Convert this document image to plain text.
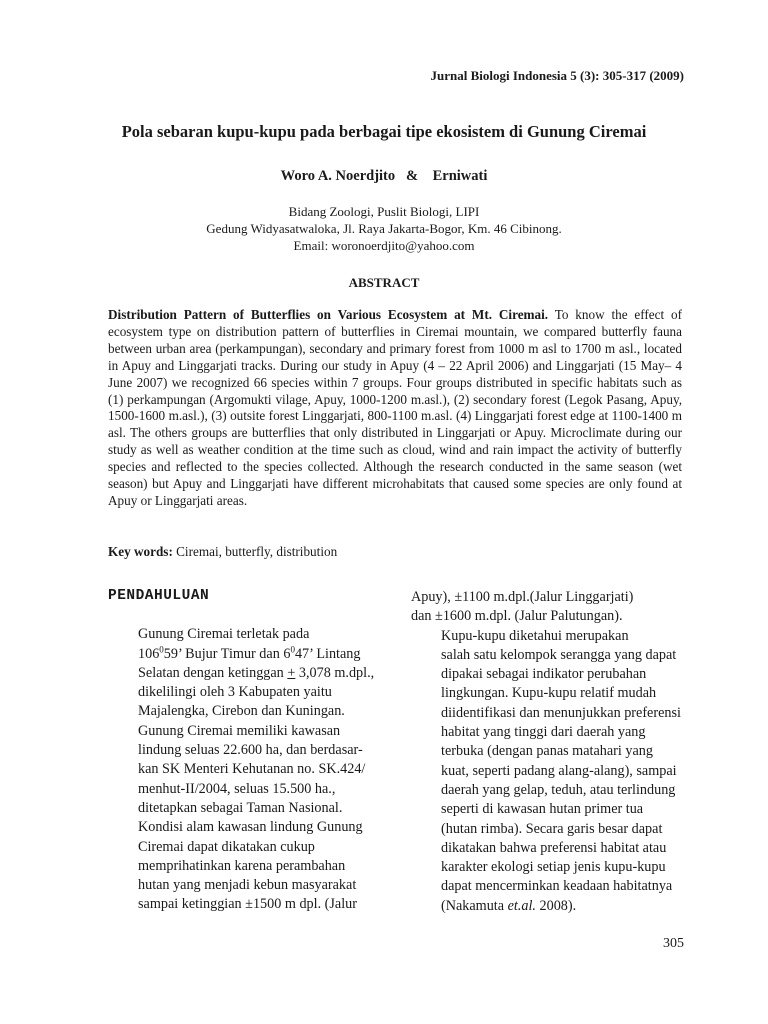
Jurnal Biologi Indonesia 5 (3): 305-317 (2009)
Pola sebaran kupu-kupu pada berbagai tipe ekosistem di Gunung Ciremai
Woro A. Noerdjito   &    Erniwati
Bidang Zoologi, Puslit Biologi, LIPI
Gedung Widyasatwaloka, Jl. Raya Jakarta-Bogor, Km. 46 Cibinong.
Email: woronoerdjito@yahoo.com
ABSTRACT
Distribution Pattern of Butterflies on Various Ecosystem at Mt. Ciremai. To know the effect of ecosystem type on distribution pattern of butterflies in Ciremai mountain, we compared butterfly fauna between urban area (perkampungan), secondary and primary forest from 1000 m asl to 1700 m asl., located in Apuy and Linggarjati tracks. During our study in Apuy (4 – 22 April 2006) and Linggarjati (15 May– 4 June 2007) we recognized 66 species within 7 groups. Four groups distributed in specific habitats such as (1) perkampungan (Argomukti vilage, Apuy, 1000-1200 m.asl.), (2) secondary forest (Legok Pasang, Apuy, 1500-1600 m.asl.), (3) outsite forest Linggarjati, 800-1100 m.asl. (4) Linggarjati forest edge at 1100-1400 m asl. The others groups are butterflies that only distributed in Linggarjati or Apuy. Microclimate during our study as well as weather condition at the time such as cloud, wind and rain impact the activity of butterfly species and reflected to the species collected. Although the research conducted in the same season (wet season) but Apuy and Linggarjati have different microhabitats that caused some species are only found at Apuy or Linggarjati areas.
Key words: Ciremai, butterfly, distribution
PENDAHULUAN

Gunung Ciremai terletak pada
$106^059$’ Bujur Timur dan $6^047$’ Lintang
Selatan dengan ketinggan + 3,078 m.dpl.,
dikelilingi oleh 3 Kabupaten yaitu
Majalengka, Cirebon dan Kuningan.
Gunung Ciremai memiliki kawasan
lindung seluas 22.600 ha, dan berdasar-
kan SK Menteri Kehutanan no. SK.424/
menhut-II/2004, seluas 15.500 ha.,
ditetapkan sebagai Taman Nasional.
Kondisi alam kawasan lindung Gunung
Ciremai dapat dikatakan cukup
memprihatinkan karena perambahan
hutan yang menjadi kebun masyarakat
sampai ketinggian ±1500 m dpl. (Jalur

Apuy), ±1100 m.dpl.(Jalur Linggarjati)
dan ±1600 m.dpl. (Jalur Palutungan).

Kupu-kupu diketahui merupakan
salah satu kelompok serangga yang dapat
dipakai sebagai indikator perubahan
lingkungan. Kupu-kupu relatif mudah
diidentifikasi dan menunjukkan preferensi
habitat yang tinggi dari daerah yang
terbuka (dengan panas matahari yang
kuat, seperti padang alang-alang), sampai
daerah yang gelap, teduh, atau terlindung
seperti di kawasan hutan primer tua
(hutan rimba). Secara garis besar dapat
dikatakan bahwa preferensi habitat atau
karakter ekologi setiap jenis kupu-kupu
dapat mencerminkan keadaan habitatnya
(Nakamuta et.al. 2008).

305
